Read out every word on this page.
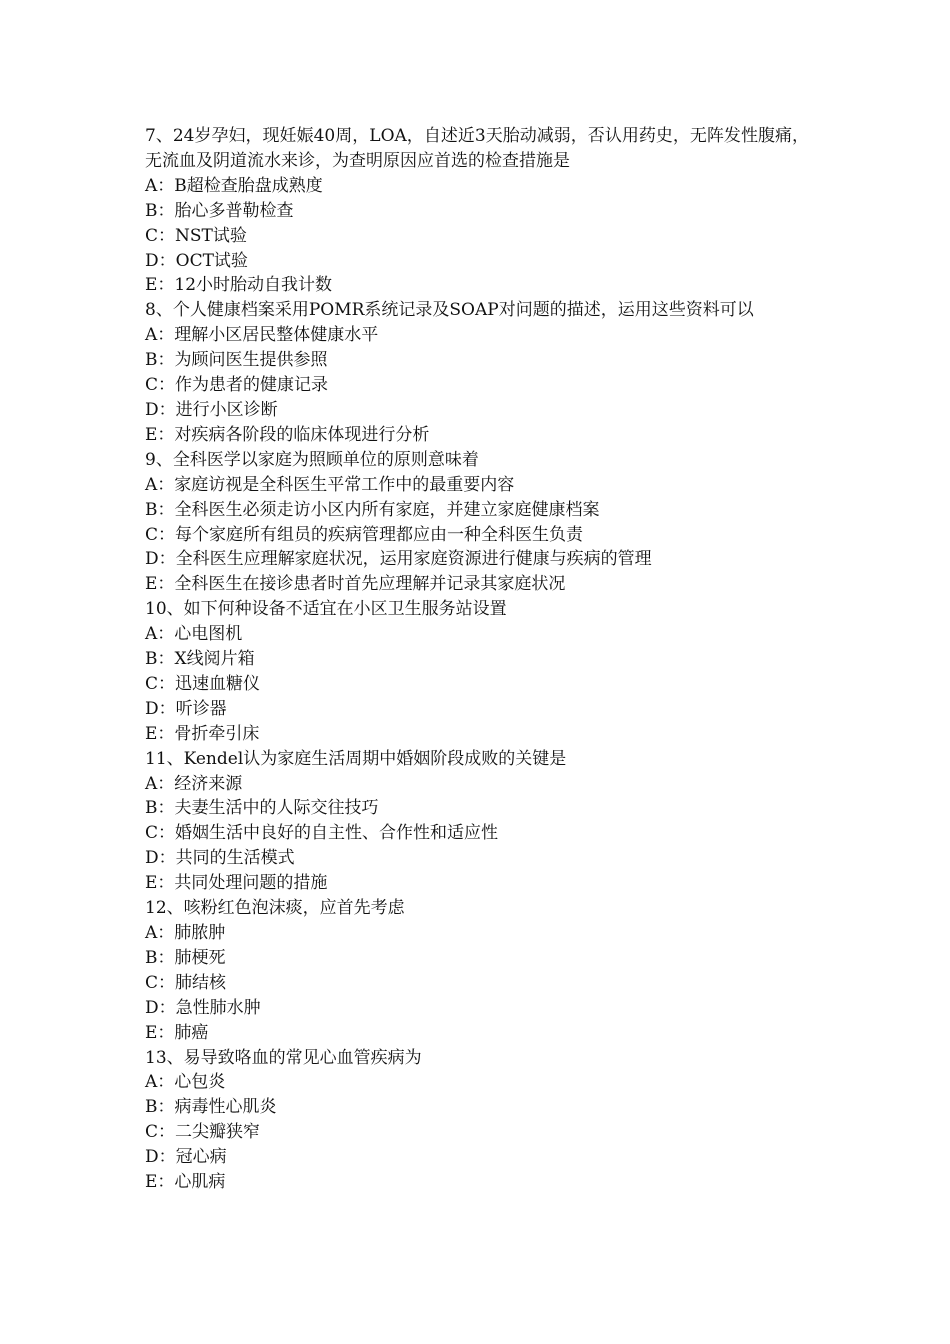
7、24岁孕妇，现妊娠40周，LOA，自述近3天胎动减弱，否认用药史，无阵发性腹痛，无流血及阴道流水来诊，为查明原因应首选的检查措施是

A：B超检查胎盘成熟度

B：胎心多普勒检查

C：NST试验

D：OCT试验

E：12小时胎动自我计数

8、个人健康档案采用POMR系统记录及SOAP对问题的描述，运用这些资料可以

A：理解小区居民整体健康水平

B：为顾问医生提供参照

C：作为患者的健康记录

D：进行小区诊断

E：对疾病各阶段的临床体现进行分析

9、全科医学以家庭为照顾单位的原则意味着

A：家庭访视是全科医生平常工作中的最重要内容

B：全科医生必须走访小区内所有家庭，并建立家庭健康档案

C：每个家庭所有组员的疾病管理都应由一种全科医生负责

D：全科医生应理解家庭状况，运用家庭资源进行健康与疾病的管理

E：全科医生在接诊患者时首先应理解并记录其家庭状况

10、如下何种设备不适宜在小区卫生服务站设置

A：心电图机

B：X线阅片箱

C：迅速血糖仪

D：听诊器

E：骨折牵引床

11、Kendel认为家庭生活周期中婚姻阶段成败的关键是

A：经济来源

B：夫妻生活中的人际交往技巧

C：婚姻生活中良好的自主性、合作性和适应性

D：共同的生活模式

E：共同处理问题的措施

12、咳粉红色泡沫痰，应首先考虑

A：肺脓肿

B：肺梗死

C：肺结核

D：急性肺水肿

E：肺癌

13、易导致咯血的常见心血管疾病为

A：心包炎

B：病毒性心肌炎

C：二尖瓣狭窄

D：冠心病

E：心肌病
